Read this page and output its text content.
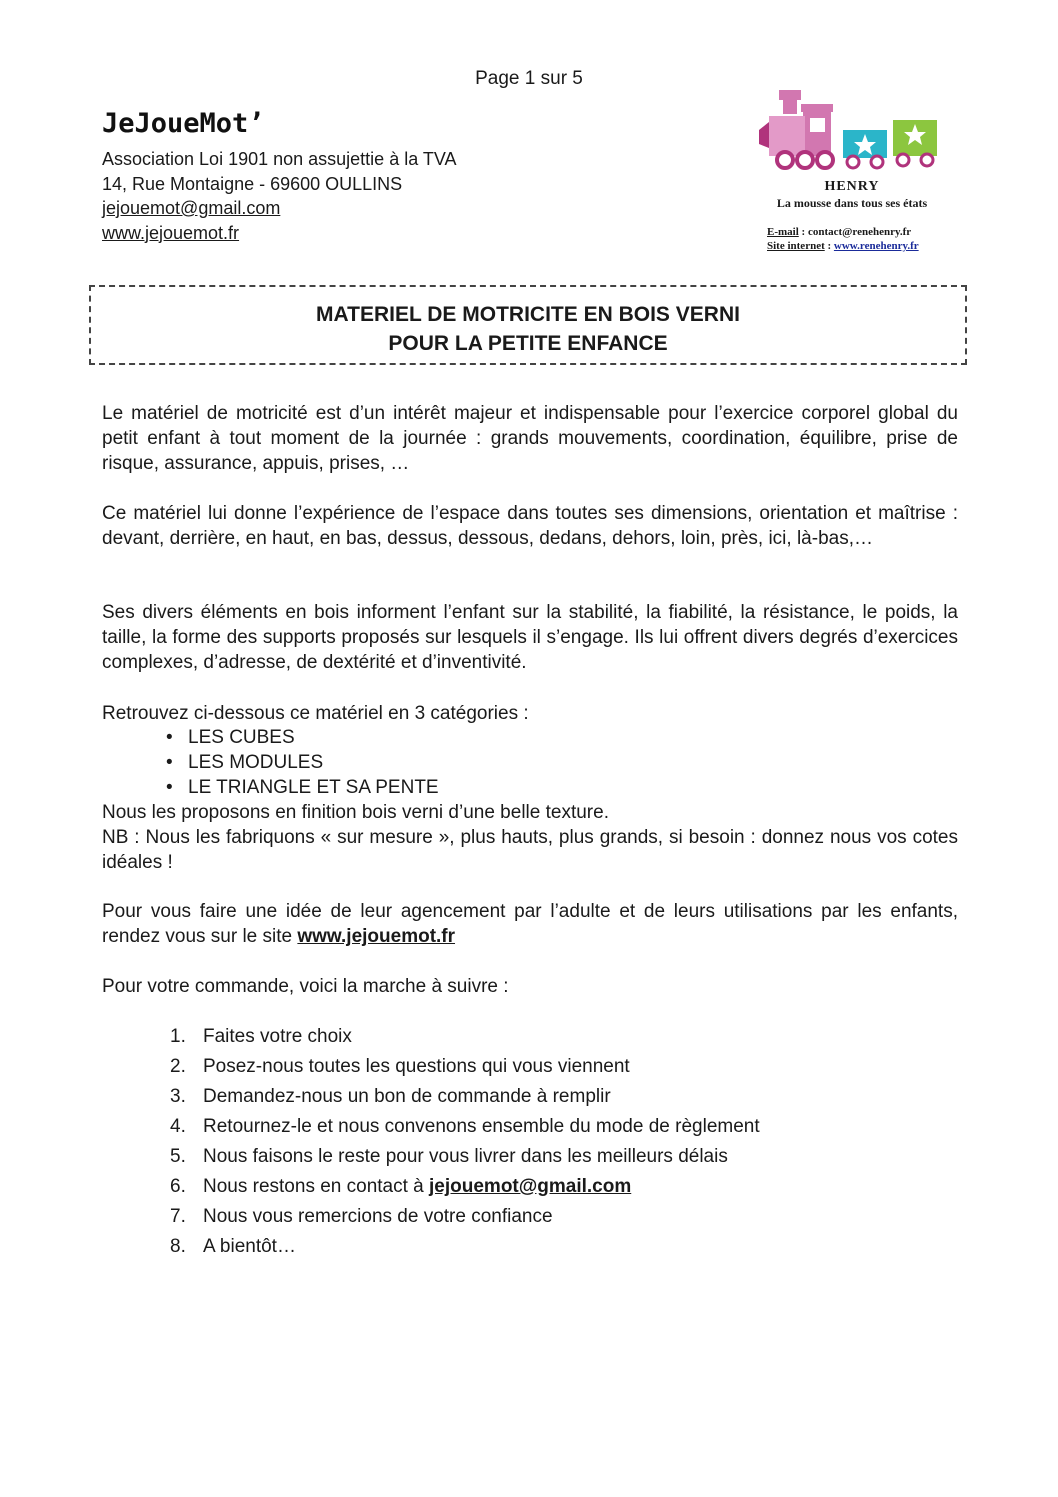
Page 1 sur 5
JeJoueMot’
Association Loi 1901 non assujettie à la TVA
14, Rue Montaigne - 69600 OULLINS
jejouemot@gmail.com
www.jejouemot.fr
HENRY
La mousse dans tous ses états
E-mail : contact@renehenry.fr
Site internet : www.renehenry.fr
MATERIEL DE MOTRICITE EN BOIS VERNI
POUR LA PETITE ENFANCE
Le matériel de motricité est d’un intérêt majeur et indispensable pour l’exercice corporel global du petit enfant à tout moment de la journée : grands mouvements, coordination, équilibre, prise de risque, assurance, appuis, prises, …
Ce matériel lui donne l’expérience de l’espace dans toutes ses dimensions, orientation et maîtrise : devant, derrière, en haut, en bas, dessus, dessous, dedans, dehors, loin, près, ici, là-bas,…
Ses divers éléments en bois informent l’enfant sur la stabilité, la fiabilité, la résistance, le poids, la taille, la forme des supports proposés sur lesquels il s’engage. Ils lui offrent divers degrés d’exercices complexes, d’adresse, de dextérité et d’inventivité.
Retrouvez ci-dessous ce matériel en 3 catégories :
• LES CUBES
• LES MODULES
• LE TRIANGLE ET SA PENTE
Nous les proposons en finition bois verni d’une belle texture.
NB : Nous les fabriquons « sur mesure », plus hauts, plus grands, si besoin : donnez nous vos cotes idéales !
Pour vous faire une idée de leur agencement par l’adulte et de leurs utilisations par les enfants, rendez vous sur le site www.jejouemot.fr
Pour votre commande, voici la marche à suivre :
1. Faites votre choix
2. Posez-nous toutes les questions qui vous viennent
3. Demandez-nous un bon de commande à remplir
4. Retournez-le et nous convenons ensemble du mode de règlement
5. Nous faisons le reste pour vous livrer dans les meilleurs délais
6. Nous restons en contact à jejouemot@gmail.com
7. Nous vous remercions de votre confiance
8. A bientôt…
